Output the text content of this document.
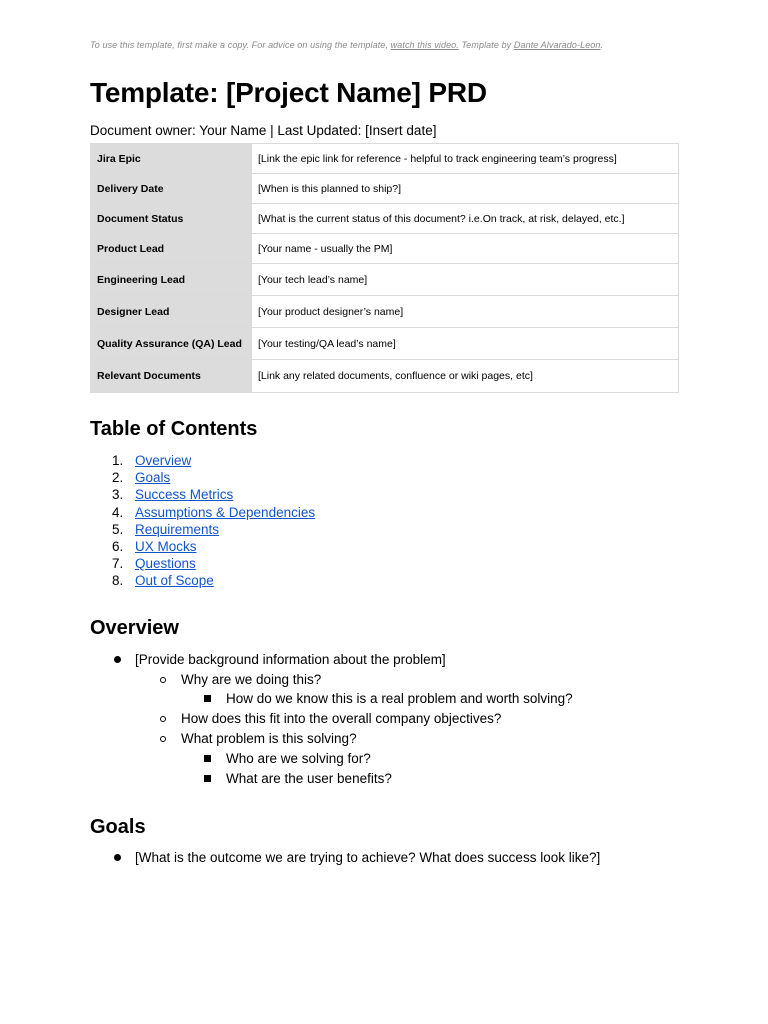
To use this template, first make a copy. For advice on using the template, watch this video. Template by Dante Alvarado-Leon.
Template: [Project Name] PRD
Document owner: Your Name | Last Updated: [Insert date]
Jira Epic	[Link the epic link for reference - helpful to track engineering team’s progress]
Delivery Date	[When is this planned to ship?]
Document Status	[What is the current status of this document? i.e.On track, at risk, delayed, etc.]
Product Lead	[Your name - usually the PM]
Engineering Lead	[Your tech lead’s name]
Designer Lead	[Your product designer’s name]
Quality Assurance (QA) Lead	[Your testing/QA lead’s name]
Relevant Documents	[Link any related documents, confluence or wiki pages, etc]
Table of Contents
1. Overview
2. Goals
3. Success Metrics
4. Assumptions & Dependencies
5. Requirements
6. UX Mocks
7. Questions
8. Out of Scope
Overview
[Provide background information about the problem]
Why are we doing this?
How do we know this is a real problem and worth solving?
How does this fit into the overall company objectives?
What problem is this solving?
Who are we solving for?
What are the user benefits?
Goals
[What is the outcome we are trying to achieve? What does success look like?]
